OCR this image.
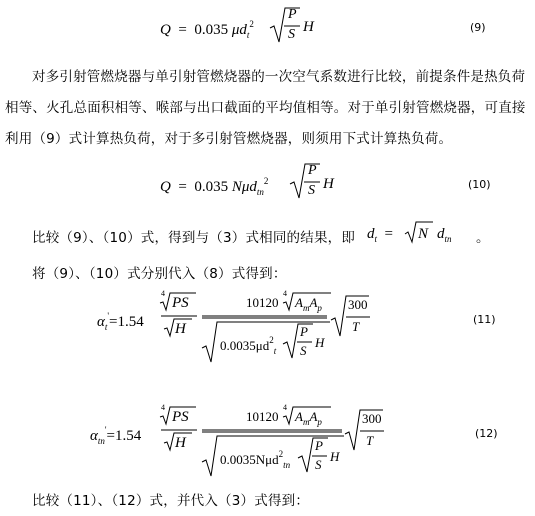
Q = 0.035 $\mu d_t^2$
P
S H	(9)
对多引射管燃烧器与单引射管燃烧器的一次空气系数进行比较，前提条件是热负荷
相等、火孔总面积相等、喉部与出口截面的平均值相等。对于单引射管燃烧器，可直接
利用（9）式计算热负荷，对于多引射管燃烧器，则须用下式计算热负荷。
Q = 0.035 Nμd$_{tn}^2$
P
S H	(10)
比较（9）、（10）式，得到与（3）式相同的结果，即 $d_t = N$ $d_{tn}$ 。
将（9）、（10）式分别代入（8）式得到：
$\alpha_t'=1.54$
4
PS
H
10120
4
$A_mA_p$
$0.0035\mu d^2_t$
P
S
H
300
T	(11)
$\alpha_{tn}'=1.54$
4
PS
H
10120
4
$A_mA_p$
0.0035Nμd$^2_{tn}$
P
S
H
300
T	(12)
比较（11）、（12）式，并代入（3）式得到：
